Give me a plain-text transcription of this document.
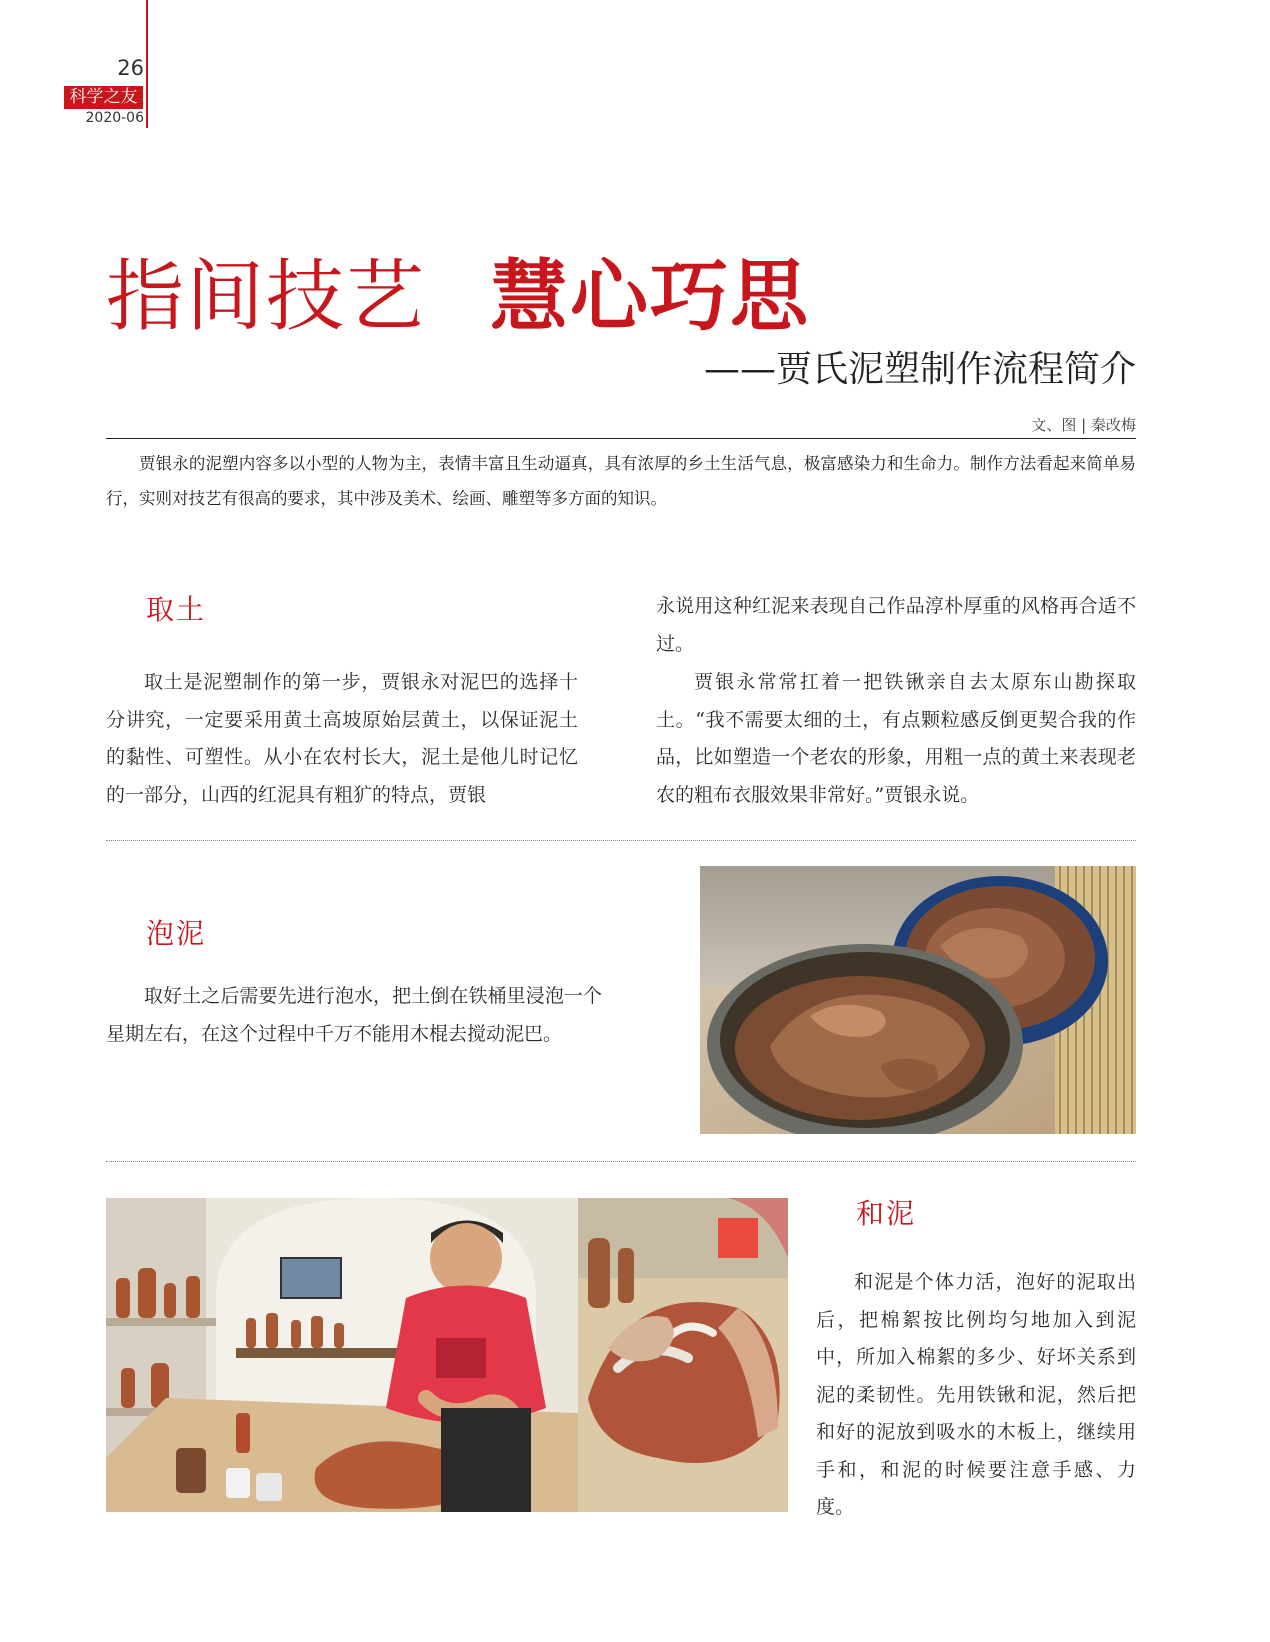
26
科学之友
2020-06
指间技艺 慧心巧思
——贾氏泥塑制作流程简介
文、图 | 秦改梅

贾银永的泥塑内容多以小型的人物为主，表情丰富且生动逼真，具有浓厚的乡土生活气息，极富感染力和生命力。制作方法看起来简单易行，实则对技艺有很高的要求，其中涉及美术、绘画、雕塑等多方面的知识。

取土

取土是泥塑制作的第一步，贾银永对泥巴的选择十分讲究，一定要采用黄土高坡原始层黄土，以保证泥土的黏性、可塑性。从小在农村长大，泥土是他儿时记忆的一部分，山西的红泥具有粗犷的特点，贾银

永说用这种红泥来表现自己作品淳朴厚重的风格再合适不过。

贾银永常常扛着一把铁锹亲自去太原东山勘探取土。“我不需要太细的土，有点颗粒感反倒更契合我的作品，比如塑造一个老农的形象，用粗一点的黄土来表现老农的粗布衣服效果非常好。”贾银永说。

泡泥

取好土之后需要先进行泡水，把土倒在铁桶里浸泡一个星期左右，在这个过程中千万不能用木棍去搅动泥巴。

和泥

和泥是个体力活，泡好的泥取出后，把棉絮按比例均匀地加入到泥中，所加入棉絮的多少、好坏关系到泥的柔韧性。先用铁锹和泥，然后把和好的泥放到吸水的木板上，继续用手和，和泥的时候要注意手感、力度。
